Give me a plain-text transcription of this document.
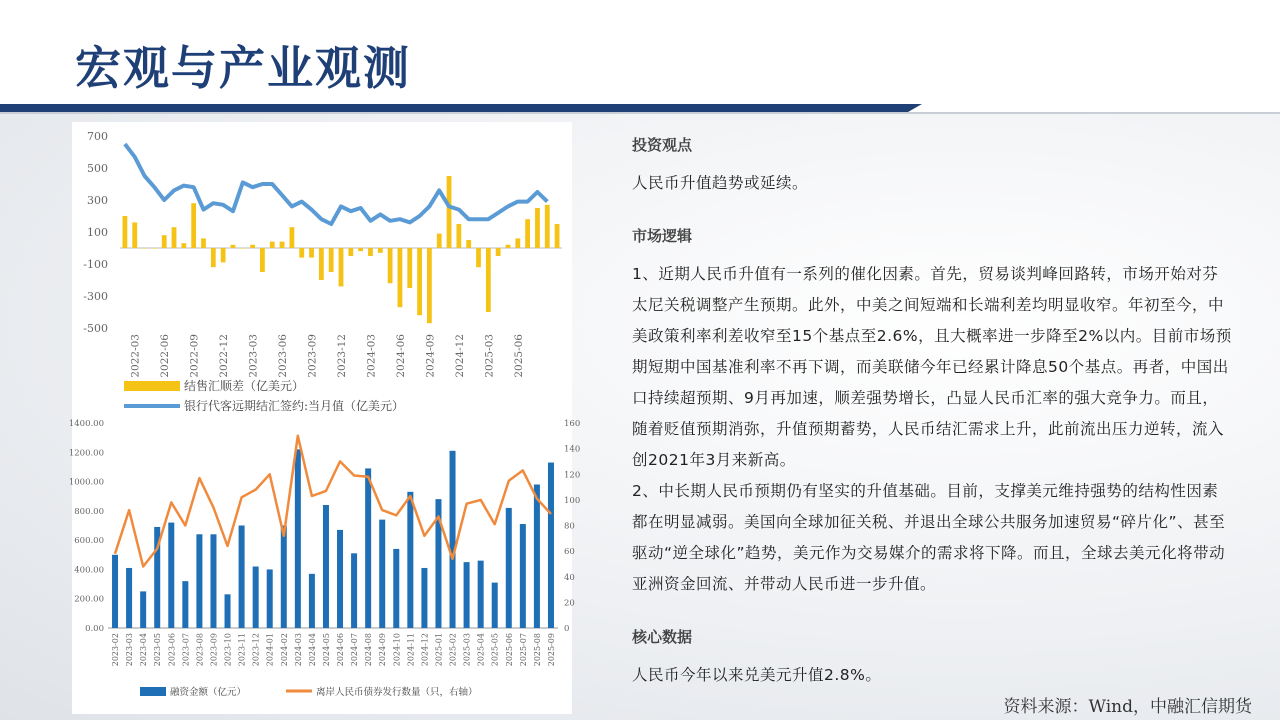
宏观与产业观测
700
500
300
100
-100
-300
-500
2022-03 2022-06 2022-09 2022-12 2023-03 2023-06 2023-09 2023-12 2024-03 2024-06 2024-09 2024-12 2025-03 2025-06
结售汇顺差（亿美元）
银行代客远期结汇签约:当月值（亿美元）
1400.00
1200.00
1000.00
800.00
600.00
400.00
200.00
0.00
160
140
120
100
80
60
40
20
0
2023-02 2023-03 2023-04 2023-05 2023-06 2023-07 2023-08 2023-09 2023-10 2023-11 2023-12 2024-01 2024-02 2024-03 2024-04 2024-05 2024-06 2024-07 2024-08 2024-09 2024-10 2024-11 2024-12 2025-01 2025-02 2025-03 2025-04 2025-05 2025-06 2025-07 2025-08 2025-09
融资金额（亿元）	离岸人民币债券发行数量（只，右轴）

投资观点

人民币升值趋势或延续。

市场逻辑

1、近期人民币升值有一系列的催化因素。首先，贸易谈判峰回路转，市场开始对芬太尼关税调整产生预期。此外，中美之间短端和长端利差均明显收窄。年初至今，中美政策利率利差收窄至15个基点至2.6%，且大概率进一步降至2%以内。目前市场预期短期中国基准利率不再下调，而美联储今年已经累计降息50个基点。再者，中国出口持续超预期、9月再加速，顺差强势增长，凸显人民币汇率的强大竞争力。而且，随着贬值预期消弥，升值预期蓄势，人民币结汇需求上升，此前流出压力逆转，流入创2021年3月来新高。

2、中长期人民币预期仍有坚实的升值基础。目前，支撑美元维持强势的结构性因素都在明显减弱。美国向全球加征关税、并退出全球公共服务加速贸易“碎片化”、甚至驱动“逆全球化”趋势，美元作为交易媒介的需求将下降。而且，全球去美元化将带动亚洲资金回流、并带动人民币进一步升值。

核心数据

人民币今年以来兑美元升值2.8%。

资料来源：Wind，中融汇信期货
